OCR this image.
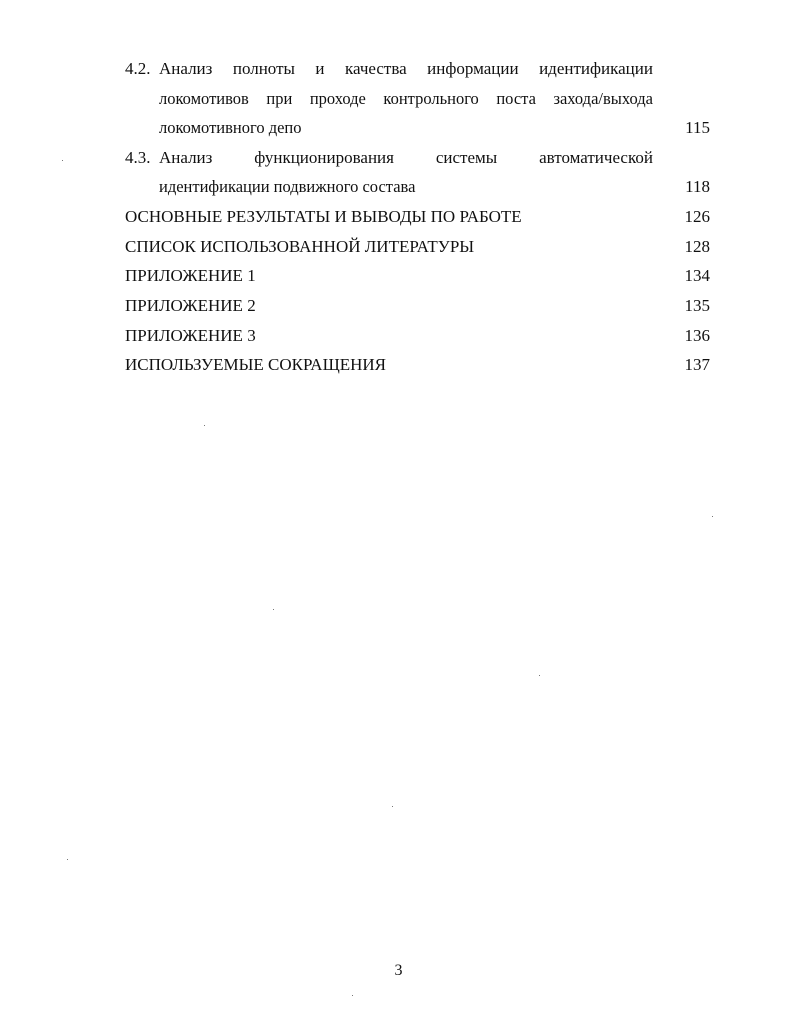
4.2. Анализ полноты и качества информации идентификации
локомотивов при проходе контрольного поста захода/выхода
локомотивного депо	115
4.3. Анализ функционирования системы автоматической
идентификации подвижного состава	118
ОСНОВНЫЕ РЕЗУЛЬТАТЫ И ВЫВОДЫ ПО РАБОТЕ	126
СПИСОК ИСПОЛЬЗОВАННОЙ ЛИТЕРАТУРЫ	128
ПРИЛОЖЕНИЕ 1	134
ПРИЛОЖЕНИЕ 2	135
ПРИЛОЖЕНИЕ 3	136
ИСПОЛЬЗУЕМЫЕ СОКРАЩЕНИЯ	137
3
